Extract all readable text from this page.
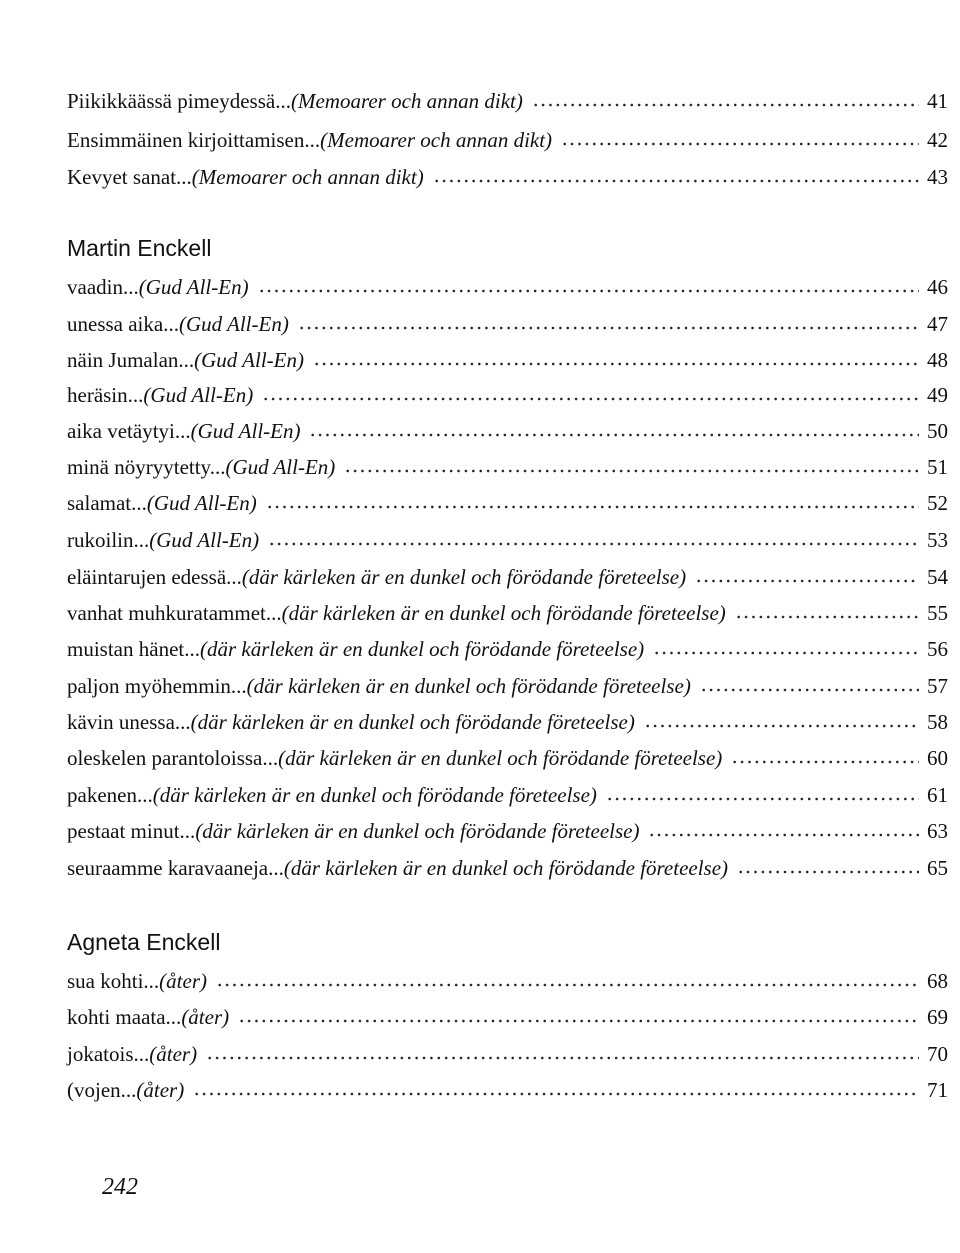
Piikikkäässä pimeydessä... (Memoarer och annan dikt)	41
Ensimmäinen kirjoittamisen... (Memoarer och annan dikt)	42
Kevyet sanat... (Memoarer och annan dikt)	43
Martin Enckell
vaadin... (Gud All-En)	46
unessa aika... (Gud All-En)	47
näin Jumalan... (Gud All-En)	48
heräsin... (Gud All-En)	49
aika vetäytyi... (Gud All-En)	50
minä nöyryytetty... (Gud All-En)	51
salamat... (Gud All-En)	52
rukoilin... (Gud All-En)	53
eläintarujen edessä... (där kärleken är en dunkel och förödande företeelse)	54
vanhat muhkuratammet... (där kärleken är en dunkel och förödande företeelse)	55
muistan hänet... (där kärleken är en dunkel och förödande företeelse)	56
paljon myöhemmin... (där kärleken är en dunkel och förödande företeelse)	57
kävin unessa... (där kärleken är en dunkel och förödande företeelse)	58
oleskelen parantoloissa... (där kärleken är en dunkel och förödande företeelse)	60
pakenen... (där kärleken är en dunkel och förödande företeelse)	61
pestaat minut... (där kärleken är en dunkel och förödande företeelse)	63
seuraamme karavaaneja... (där kärleken är en dunkel och förödande företeelse)	65
Agneta Enckell
sua kohti... (åter)	68
kohti maata... (åter)	69
jokatois... (åter)	70
(vojen... (åter)	71
242
